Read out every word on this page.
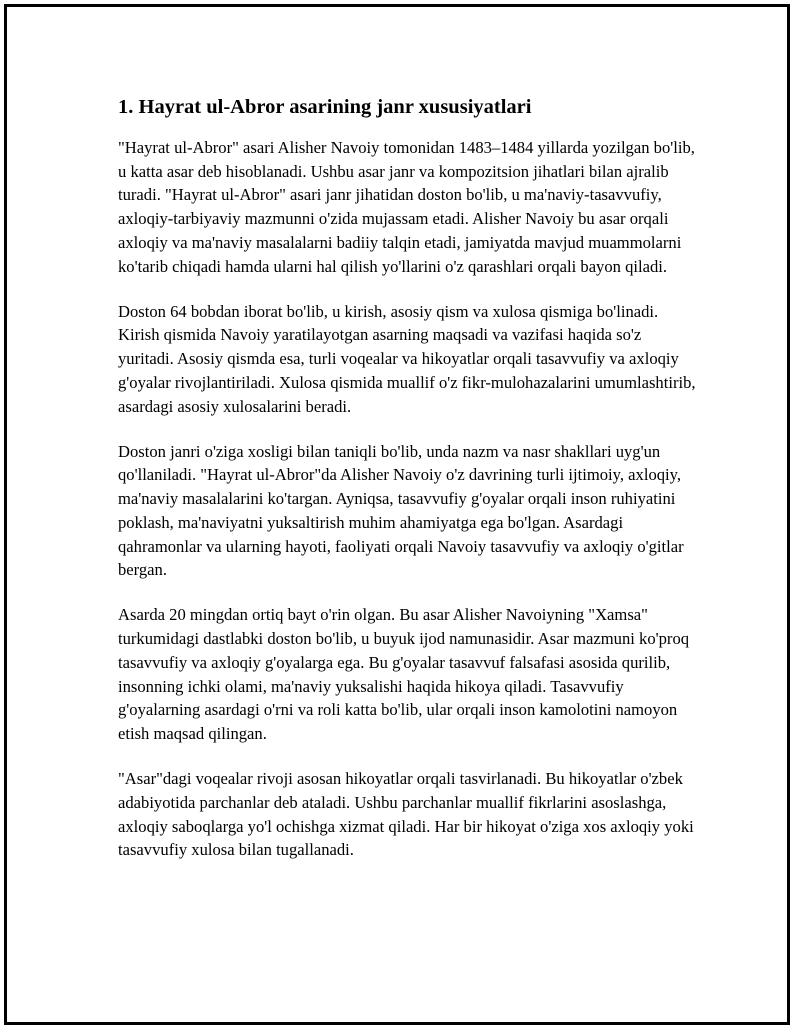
1. Hayrat ul-Abror asarining janr xususiyatlari

"Hayrat ul-Abror" asari Alisher Navoiy tomonidan 1483–1484 yillarda yozilgan bo'lib, u katta asar deb hisoblanadi. Ushbu asar janr va kompozitsion jihatlari bilan ajralib turadi. "Hayrat ul-Abror" asari janr jihatidan doston bo'lib, u ma'naviy-tasavvufiy, axloqiy-tarbiyaviy mazmunni o'zida mujassam etadi. Alisher Navoiy bu asar orqali axloqiy va ma'naviy masalalarni badiiy talqin etadi, jamiyatda mavjud muammolarni ko'tarib chiqadi hamda ularni hal qilish yo'llarini o'z qarashlari orqali bayon qiladi.

Doston 64 bobdan iborat bo'lib, u kirish, asosiy qism va xulosa qismiga bo'linadi. Kirish qismida Navoiy yaratilayotgan asarning maqsadi va vazifasi haqida so'z yuritadi. Asosiy qismda esa, turli voqealar va hikoyatlar orqali tasavvufiy va axloqiy g'oyalar rivojlantiriladi. Xulosa qismida muallif o'z fikr-mulohazalarini umumlashtirib, asardagi asosiy xulosalarini beradi.

Doston janri o'ziga xosligi bilan taniqli bo'lib, unda nazm va nasr shakllari uyg'un qo'llaniladi. "Hayrat ul-Abror"da Alisher Navoiy o'z davrining turli ijtimoiy, axloqiy, ma'naviy masalalarini ko'targan. Ayniqsa, tasavvufiy g'oyalar orqali inson ruhiyatini poklash, ma'naviyatni yuksaltirish muhim ahamiyatga ega bo'lgan. Asardagi qahramonlar va ularning hayoti, faoliyati orqali Navoiy tasavvufiy va axloqiy o'gitlar bergan.

Asarda 20 mingdan ortiq bayt o'rin olgan. Bu asar Alisher Navoiyning "Xamsa" turkumidagi dastlabki doston bo'lib, u buyuk ijod namunasidir. Asar mazmuni ko'proq tasavvufiy va axloqiy g'oyalarga ega. Bu g'oyalar tasavvuf falsafasi asosida qurilib, insonning ichki olami, ma'naviy yuksalishi haqida hikoya qiladi. Tasavvufiy g'oyalarning asardagi o'rni va roli katta bo'lib, ular orqali inson kamolotini namoyon etish maqsad qilingan.

"Asar"dagi voqealar rivoji asosan hikoyatlar orqali tasvirlanadi. Bu hikoyatlar o'zbek adabiyotida parchanlar deb ataladi. Ushbu parchanlar muallif fikrlarini asoslashga, axloqiy saboqlarga yo'l ochishga xizmat qiladi. Har bir hikoyat o'ziga xos axloqiy yoki tasavvufiy xulosa bilan tugallanadi.
